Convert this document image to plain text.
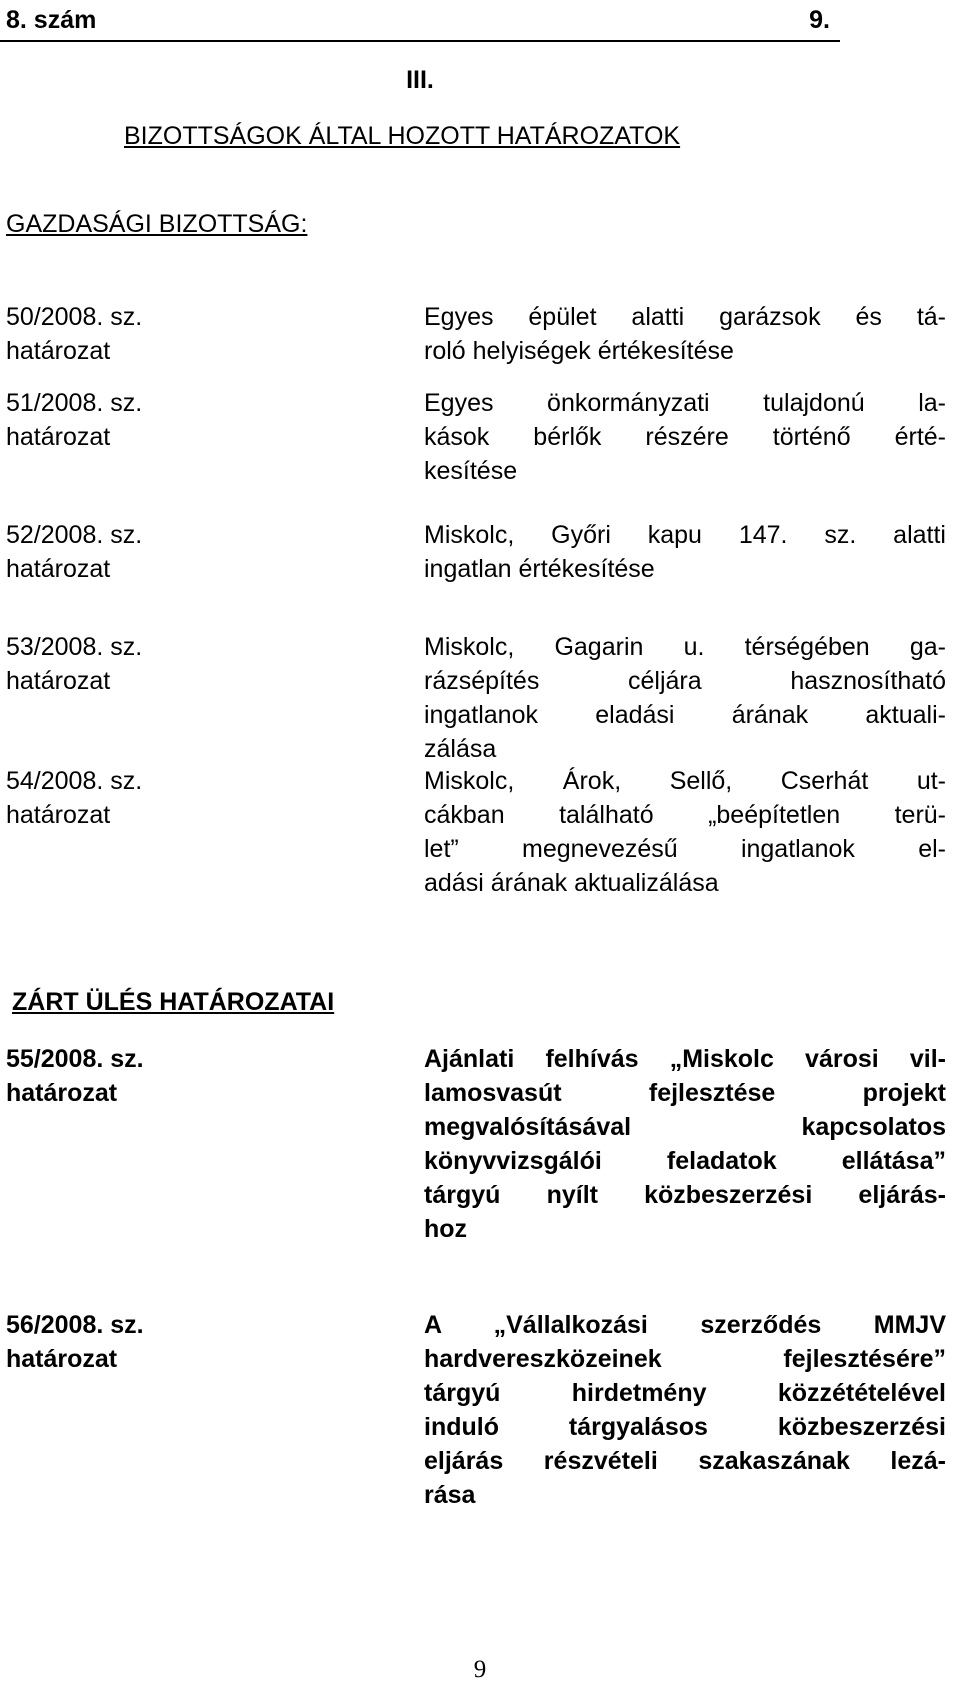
8. szám	9.
III.
BIZOTTSÁGOK ÁLTAL HOZOTT HATÁROZATOK
GAZDASÁGI BIZOTTSÁG:
50/2008. sz.
határozat
Egyes épület alatti garázsok és tá-
roló helyiségek értékesítése
51/2008. sz.
határozat
Egyes önkormányzati tulajdonú la-
kások bérlők részére történő érté-
kesítése
52/2008. sz.
határozat
Miskolc, Győri kapu 147. sz. alatti
ingatlan értékesítése
53/2008. sz.
határozat
Miskolc, Gagarin u. térségében ga-
rázsépítés céljára hasznosítható
ingatlanok eladási árának aktuali-
zálása
54/2008. sz.
határozat
Miskolc, Árok, Sellő, Cserhát ut-
cákban található „beépítetlen terü-
let” megnevezésű ingatlanok el-
adási árának aktualizálása
ZÁRT ÜLÉS HATÁROZATAI
55/2008. sz.
határozat
Ajánlati felhívás „Miskolc városi vil-
lamosvasút fejlesztése projekt
megvalósításával kapcsolatos
könyvvizsgálói feladatok ellátása”
tárgyú nyílt közbeszerzési eljárás-
hoz
56/2008. sz.
határozat
A „Vállalkozási szerződés MMJV
hardvereszközeinek fejlesztésére”
tárgyú hirdetmény közzétételével
induló tárgyalásos közbeszerzési
eljárás részvételi szakaszának lezá-
rása
9
